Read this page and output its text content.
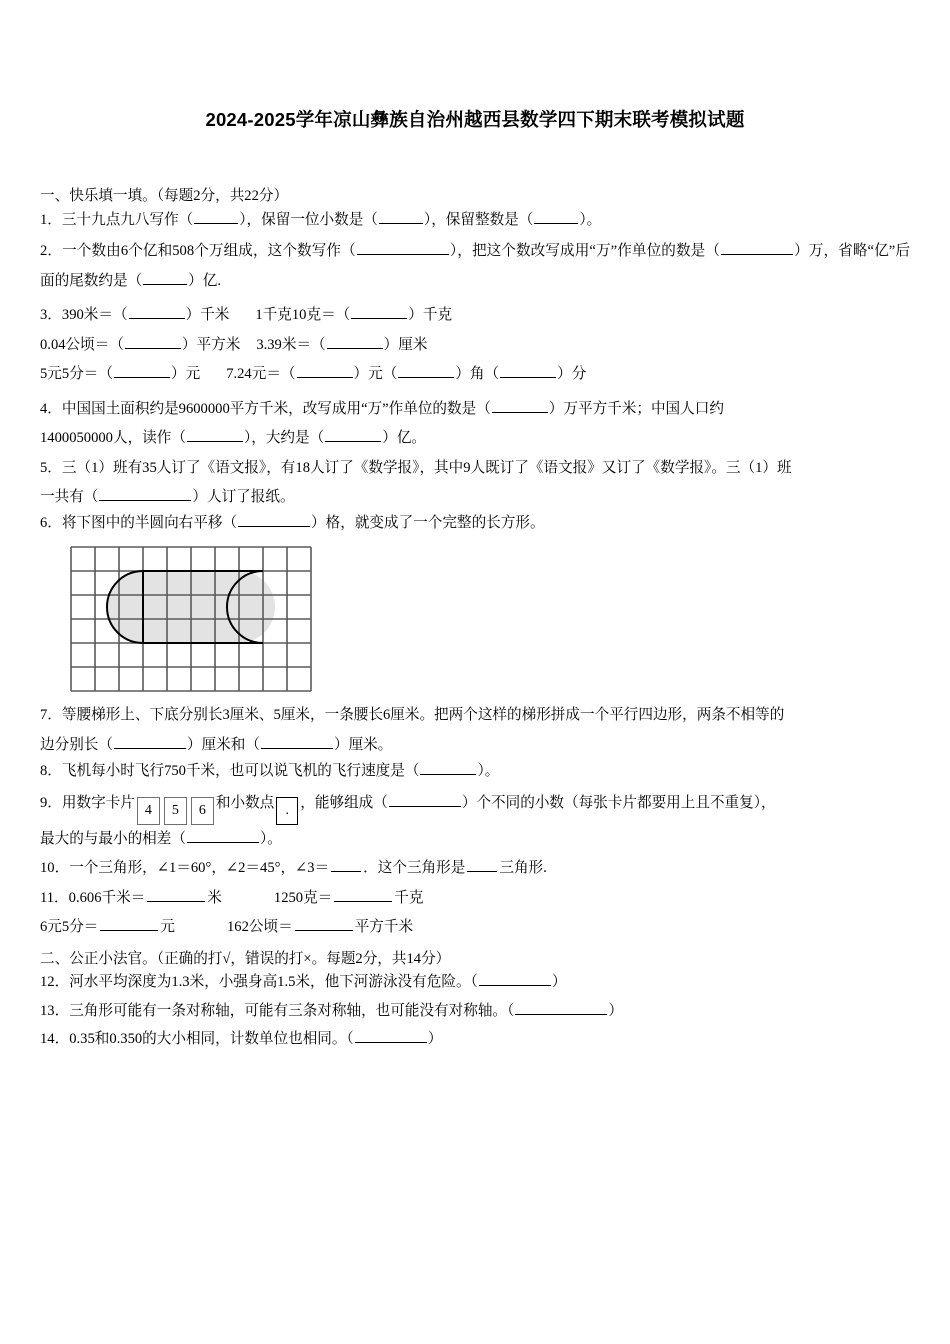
2024-2025学年凉山彝族自治州越西县数学四下期末联考模拟试题
一、快乐填一填。（每题2分，共22分）
1．三十九点九八写作（	），保留一位小数是（	），保留整数是（	）。
2．一个数由6个亿和508个万组成，这个数写作（	），把这个数改写成用“万”作单位的数是（	）万，省略“亿”后面的尾数约是（	）亿.
3．390米＝（	）千米 1千克10克＝（	）千克
0.04公顷＝（	）平方米 3.39米＝（	）厘米
5元5分＝（	）元 7.24元＝（	）元（	）角（	）分
4．中国国土面积约是9600000平方千米，改写成用“万”作单位的数是（	）万平方千米；中国人口约
1400050000人，读作（	），大约是（	）亿。
5．三（1）班有35人订了《语文报》，有18人订了《数学报》，其中9人既订了《语文报》又订了《数学报》。三（1）班
一共有（	）人订了报纸。
6．将下图中的半圆向右平移（	）格，就变成了一个完整的长方形。
7．等腰梯形上、下底分别长3厘米、5厘米，一条腰长6厘米。把两个这样的梯形拼成一个平行四边形，两条不相等的
边分别长（	）厘米和（	）厘米。
8．飞机每小时飞行750千米，也可以说飞机的飞行速度是（	）。
9．用数字卡片 4 5 6 和小数点 . ，能够组成（	）个不同的小数（每张卡片都要用上且不重复），
最大的与最小的相差（	）。
10．一个三角形，∠1＝60°，∠2＝45°，∠3＝ ．这个三角形是 三角形.
11．0.606千米＝	米	1250克＝	千克
6元5分＝	元	162公顷＝	平方千米
二、公正小法官。（正确的打√，错误的打×。每题2分，共14分）
12．河水平均深度为1.3米，小强身高1.5米，他下河游泳没有危险。（	）
13．三角形可能有一条对称轴，可能有三条对称轴，也可能没有对称轴。（	）
14．0.35和0.350的大小相同，计数单位也相同。（	）
